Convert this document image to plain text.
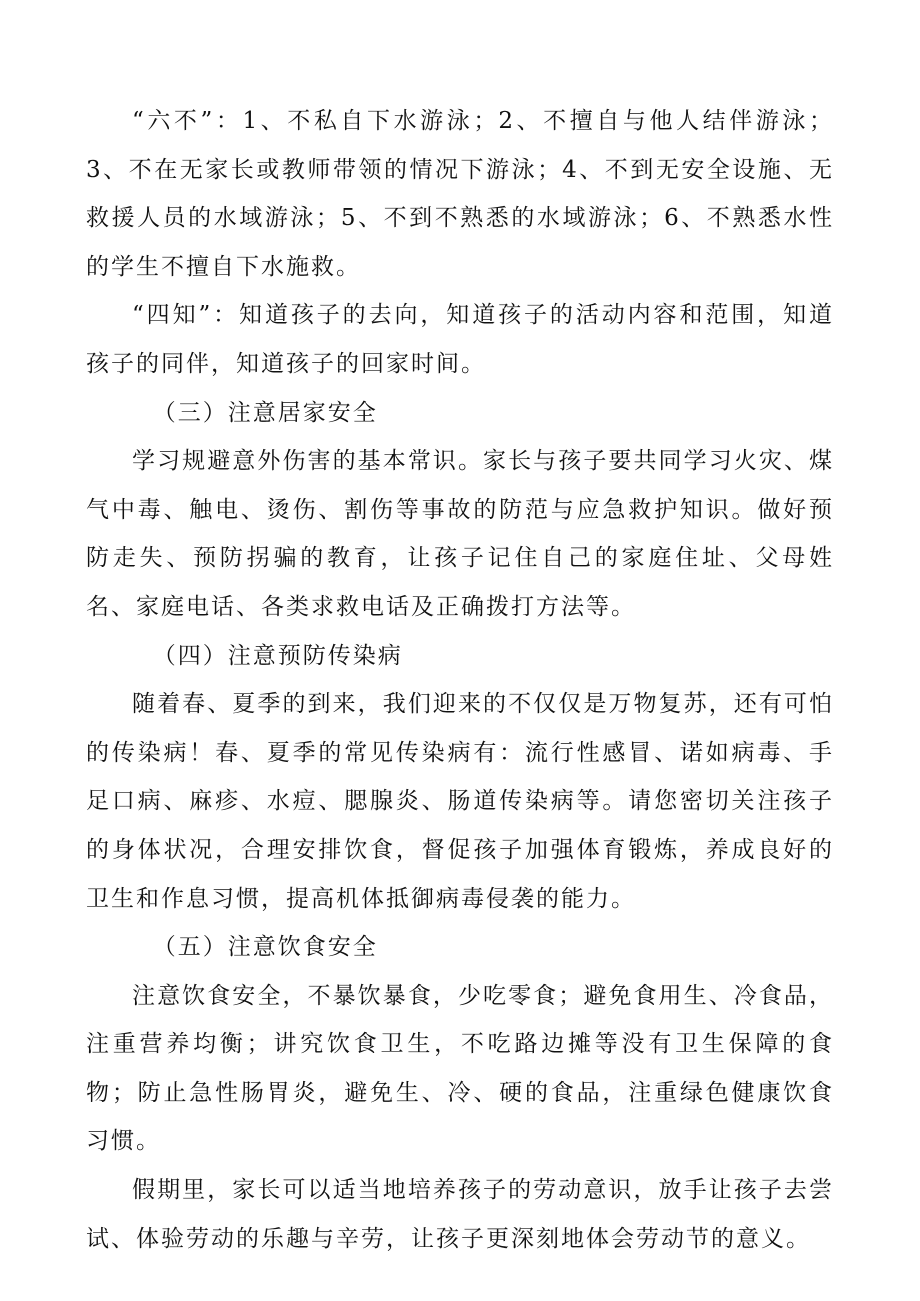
“六不”：1、不私自下水游泳；2、不擅自与他人结伴游泳；3、不在无家长或教师带领的情况下游泳；4、不到无安全设施、无救援人员的水域游泳；5、不到不熟悉的水域游泳；6、不熟悉水性的学生不擅自下水施救。

“四知”：知道孩子的去向，知道孩子的活动内容和范围，知道孩子的同伴，知道孩子的回家时间。

（三）注意居家安全

学习规避意外伤害的基本常识。家长与孩子要共同学习火灾、煤气中毒、触电、烫伤、割伤等事故的防范与应急救护知识。做好预防走失、预防拐骗的教育，让孩子记住自己的家庭住址、父母姓名、家庭电话、各类求救电话及正确拨打方法等。

（四）注意预防传染病

随着春、夏季的到来，我们迎来的不仅仅是万物复苏，还有可怕的传染病！春、夏季的常见传染病有：流行性感冒、诺如病毒、手足口病、麻疹、水痘、腮腺炎、肠道传染病等。请您密切关注孩子的身体状况，合理安排饮食，督促孩子加强体育锻炼，养成良好的卫生和作息习惯，提高机体抵御病毒侵袭的能力。

（五）注意饮食安全

注意饮食安全，不暴饮暴食，少吃零食；避免食用生、冷食品，注重营养均衡；讲究饮食卫生，不吃路边摊等没有卫生保障的食物；防止急性肠胃炎，避免生、冷、硬的食品，注重绿色健康饮食习惯。

假期里，家长可以适当地培养孩子的劳动意识，放手让孩子去尝试、体验劳动的乐趣与辛劳，让孩子更深刻地体会劳动节的意义。
